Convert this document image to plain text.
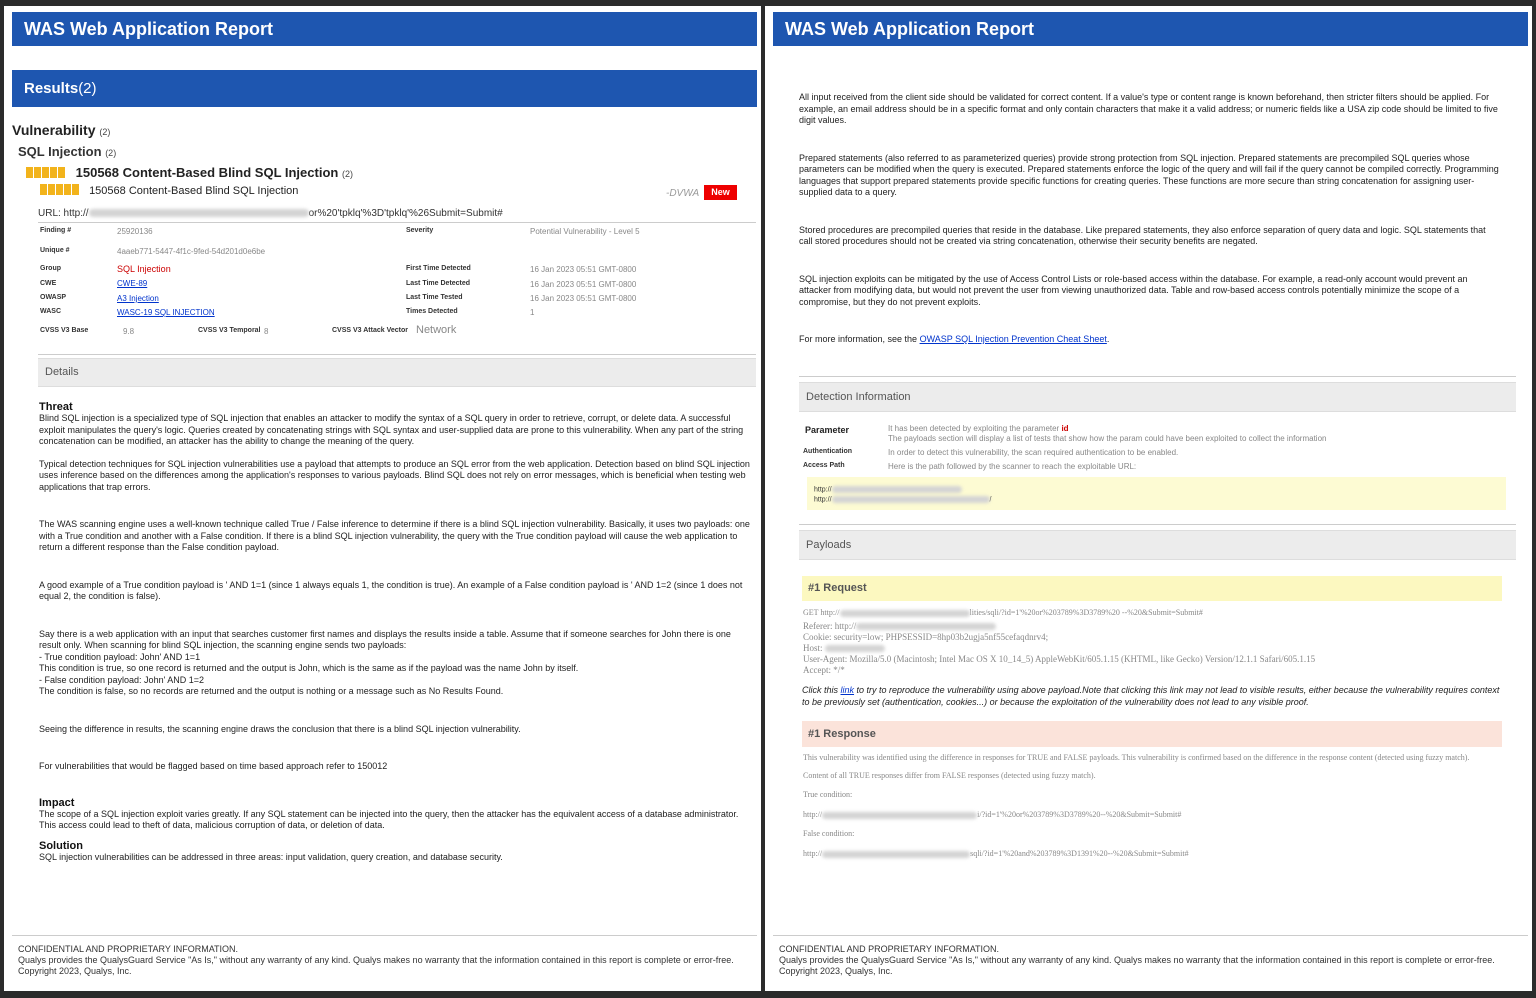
WAS Web Application Report
Results(2)
Vulnerability (2)
SQL Injection (2)
150568 Content-Based Blind SQL Injection (2)
150568 Content-Based Blind SQL Injection	-DVWA	New
URL: http://	or%20'tpklq'%3D'tpklq'%26Submit=Submit#
Finding #	25920136	Severity	Potential Vulnerability - Level 5
Unique #	4aaeb771-5447-4f1c-9fed-54d201d0e6be
Group	SQL Injection
CWE	CWE-89
OWASP	A3 Injection
WASC	WASC-19 SQL INJECTION
First Time Detected	16 Jan 2023 05:51 GMT-0800
Last Time Detected	16 Jan 2023 05:51 GMT-0800
Last Time Tested	16 Jan 2023 05:51 GMT-0800
Times Detected	1
CVSS V3 Base	9.8	CVSS V3 Temporal 8	CVSS V3 Attack Vector Network
Details
Threat

Blind SQL injection is a specialized type of SQL injection that enables an attacker to modify the syntax of a SQL query in order to retrieve, corrupt, or delete data. A successful exploit manipulates the query's logic. Queries created by concatenating strings with SQL syntax and user-supplied data are prone to this vulnerability. When any part of the string concatenation can be modified, an attacker has the ability to change the meaning of the query.

Typical detection techniques for SQL injection vulnerabilities use a payload that attempts to produce an SQL error from the web application. Detection based on blind SQL injection uses inference based on the differences among the application's responses to various payloads. Blind SQL does not rely on error messages, which is beneficial when testing web applications that trap errors.

The WAS scanning engine uses a well-known technique called True / False inference to determine if there is a blind SQL injection vulnerability. Basically, it uses two payloads: one with a True condition and another with a False condition. If there is a blind SQL injection vulnerability, the query with the True condition payload will cause the web application to return a different response than the False condition payload.

A good example of a True condition payload is ' AND 1=1 (since 1 always equals 1, the condition is true). An example of a False condition payload is ' AND 1=2 (since 1 does not equal 2, the condition is false).

Say there is a web application with an input that searches customer first names and displays the results inside a table. Assume that if someone searches for John there is one result only. When scanning for blind SQL injection, the scanning engine sends two payloads:
- True condition payload: John' AND 1=1
This condition is true, so one record is returned and the output is John, which is the same as if the payload was the name John by itself.
- False condition payload: John' AND 1=2
The condition is false, so no records are returned and the output is nothing or a message such as No Results Found.

Seeing the difference in results, the scanning engine draws the conclusion that there is a blind SQL injection vulnerability.

For vulnerabilities that would be flagged based on time based approach refer to 150012

Impact

The scope of a SQL injection exploit varies greatly. If any SQL statement can be injected into the query, then the attacker has the equivalent access of a database administrator. This access could lead to theft of data, malicious corruption of data, or deletion of data.

Solution

SQL injection vulnerabilities can be addressed in three areas: input validation, query creation, and database security.

CONFIDENTIAL AND PROPRIETARY INFORMATION.
Qualys provides the QualysGuard Service "As Is," without any warranty of any kind. Qualys makes no warranty that the information contained in this report is complete or error-free. Copyright 2023, Qualys, Inc.
WAS Web Application Report

All input received from the client side should be validated for correct content. If a value's type or content range is known beforehand, then stricter filters should be applied. For example, an email address should be in a specific format and only contain characters that make it a valid address; or numeric fields like a USA zip code should be limited to five digit values.

Prepared statements (also referred to as parameterized queries) provide strong protection from SQL injection. Prepared statements are precompiled SQL queries whose parameters can be modified when the query is executed. Prepared statements enforce the logic of the query and will fail if the query cannot be compiled correctly. Programming languages that support prepared statements provide specific functions for creating queries. These functions are more secure than string concatenation for assigning user-supplied data to a query.

Stored procedures are precompiled queries that reside in the database. Like prepared statements, they also enforce separation of query data and logic. SQL statements that call stored procedures should not be created via string concatenation, otherwise their security benefits are negated.

SQL injection exploits can be mitigated by the use of Access Control Lists or role-based access within the database. For example, a read-only account would prevent an attacker from modifying data, but would not prevent the user from viewing unauthorized data. Table and row-based access controls potentially minimize the scope of a compromise, but they do not prevent exploits.

For more information, see the OWASP SQL Injection Prevention Cheat Sheet.

Detection Information
Parameter	It has been detected by exploiting the parameter id
The payloads section will display a list of tests that show how the param could have been exploited to collect the information
Authentication	In order to detect this vulnerability, the scan required authentication to be enabled.
Access Path	Here is the path followed by the scanner to reach the exploitable URL:
http://
http://	/
Payloads
#1 Request
GET http://	lities/sqli/?id=1'%20or%203789%3D3789%20 --%20&Submit=Submit#
Referer: http://
Cookie: security=low; PHPSESSID=8hp03b2ugja5nf55cefaqdnrv4;
Host:
User-Agent: Mozilla/5.0 (Macintosh; Intel Mac OS X 10_14_5) AppleWebKit/605.1.15 (KHTML, like Gecko) Version/12.1.1 Safari/605.1.15
Accept: */*
Click this link to try to reproduce the vulnerability using above payload.Note that clicking this link may not lead to visible results, either because the vulnerability requires context to be previously set (authentication, cookies...) or because the exploitation of the vulnerability does not lead to any visible proof.
#1 Response
This vulnerability was identified using the difference in responses for TRUE and FALSE payloads. This vulnerability is confirmed based on the difference in the response content (detected using fuzzy match).
Content of all TRUE responses differ from FALSE responses (detected using fuzzy match).
True condition:
http://	i/?id=1'%20or%203789%3D3789%20--%20&Submit=Submit#
False condition:
http://	sqli/?id=1'%20and%203789%3D1391%20--%20&Submit=Submit#
CONFIDENTIAL AND PROPRIETARY INFORMATION.
Qualys provides the QualysGuard Service "As Is," without any warranty of any kind. Qualys makes no warranty that the information contained in this report is complete or error-free. Copyright 2023, Qualys, Inc.
